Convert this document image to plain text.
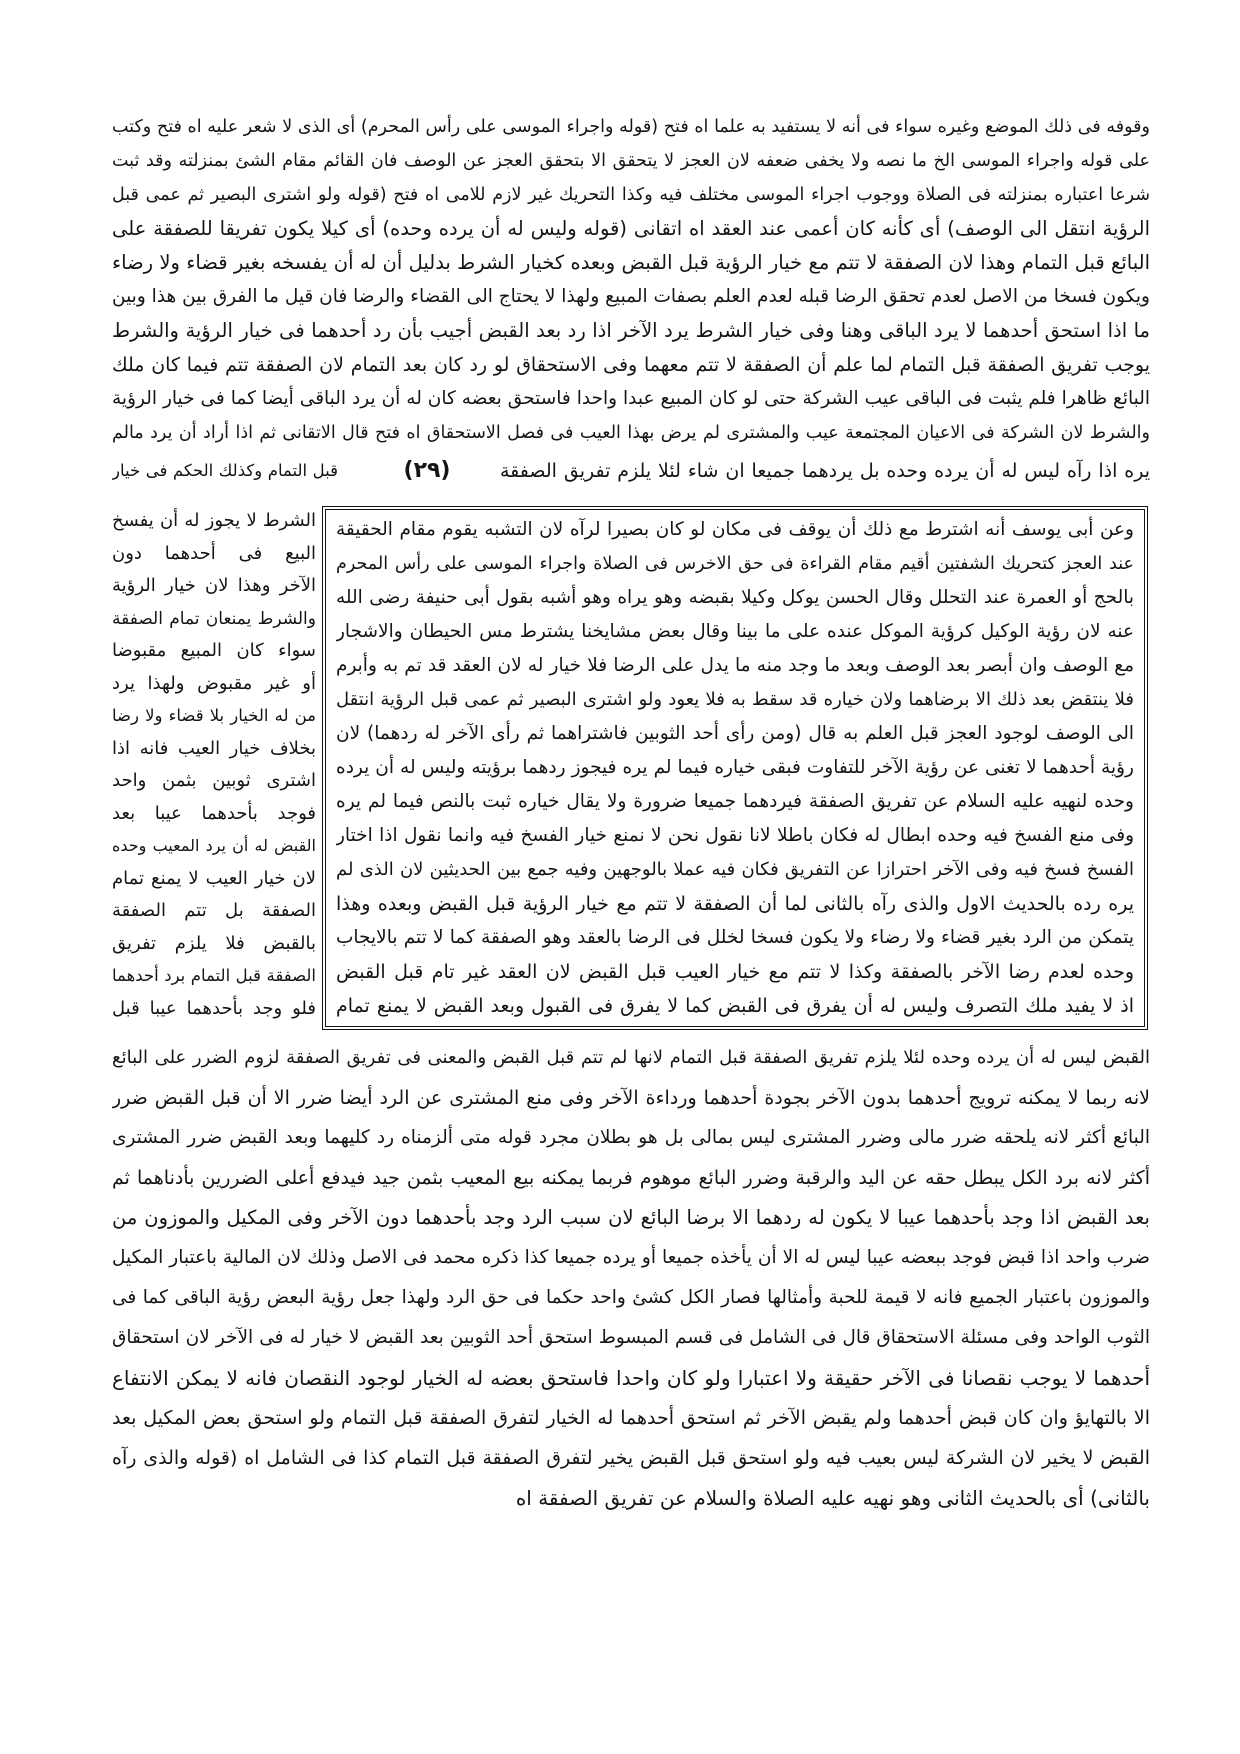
وقوفه فى ذلك الموضع وغيره سواء فى أنه لا يستفيد به علما اه فتح (قوله واجراء الموسى على رأس المحرم) أى الذى لا شعر عليه اه فتح وكتب
على قوله واجراء الموسى الخ ما نصه ولا يخفى ضعفه لان العجز لا يتحقق الا بتحقق العجز عن الوصف فان القائم مقام الشئ بمنزلته وقد ثبت
شرعا اعتباره بمنزلته فى الصلاة ووجوب اجراء الموسى مختلف فيه وكذا التحريك غير لازم للامى اه فتح (قوله ولو اشترى البصير ثم عمى قبل
الرؤية انتقل الى الوصف) أى كأنه كان أعمى عند العقد اه اتقانى (قوله وليس له أن يرده وحده) أى كيلا يكون تفريقا للصفقة على
البائع قبل التمام وهذا لان الصفقة لا تتم مع خيار الرؤية قبل القبض وبعده كخيار الشرط بدليل أن له أن يفسخه بغير قضاء ولا رضاء
ويكون فسخا من الاصل لعدم تحقق الرضا قبله لعدم العلم بصفات المبيع ولهذا لا يحتاج الى القضاء والرضا فان قيل ما الفرق بين هذا وبين
ما اذا استحق أحدهما لا يرد الباقى وهنا وفى خيار الشرط يرد الآخر اذا رد بعد القبض أجيب بأن رد أحدهما فى خيار الرؤية والشرط
يوجب تفريق الصفقة قبل التمام لما علم أن الصفقة لا تتم معهما وفى الاستحقاق لو رد كان بعد التمام لان الصفقة تتم فيما كان ملك
البائع ظاهرا فلم يثبت فى الباقى عيب الشركة حتى لو كان المبيع عبدا واحدا فاستحق بعضه كان له أن يرد الباقى أيضا كما فى خيار الرؤية
والشرط لان الشركة فى الاعيان المجتمعة عيب والمشترى لم يرض بهذا العيب فى فصل الاستحقاق اه فتح قال الاتقانى ثم اذا أراد أن يرد مالم
يره اذا رآه ليس له أن يرده وحده بل يردهما جميعا ان شاء لئلا يلزم تفريق الصفقة
(٢٩)
قبل التمام وكذلك الحكم فى خيار
وعن أبى يوسف أنه اشترط مع ذلك أن يوقف فى مكان لو كان بصيرا لرآه لان التشبه يقوم مقام الحقيقة
عند العجز كتحريك الشفتين أقيم مقام القراءة فى حق الاخرس فى الصلاة واجراء الموسى على رأس المحرم
بالحج أو العمرة عند التحلل وقال الحسن يوكل وكيلا بقبضه وهو يراه وهو أشبه بقول أبى حنيفة رضى الله
عنه لان رؤية الوكيل كرؤية الموكل عنده على ما بينا وقال بعض مشايخنا يشترط مس الحيطان والاشجار
مع الوصف وان أبصر بعد الوصف وبعد ما وجد منه ما يدل على الرضا فلا خيار له لان العقد قد تم به وأبرم
فلا ينتقض بعد ذلك الا برضاهما ولان خياره قد سقط به فلا يعود ولو اشترى البصير ثم عمى قبل الرؤية انتقل
الى الوصف لوجود العجز قبل العلم به قال (ومن رأى أحد الثوبين فاشتراهما ثم رأى الآخر له ردهما) لان
رؤية أحدهما لا تغنى عن رؤية الآخر للتفاوت فبقى خياره فيما لم يره فيجوز ردهما برؤيته وليس له أن يرده
وحده لنهيه عليه السلام عن تفريق الصفقة فيردهما جميعا ضرورة ولا يقال خياره ثبت بالنص فيما لم يره
وفى منع الفسخ فيه وحده ابطال له فكان باطلا لانا نقول نحن لا نمنع خيار الفسخ فيه وانما نقول اذا اختار
الفسخ فسخ فيه وفى الآخر احترازا عن التفريق فكان فيه عملا بالوجهين وفيه جمع بين الحديثين لان الذى لم
يره رده بالحديث الاول والذى رآه بالثانى لما أن الصفقة لا تتم مع خيار الرؤية قبل القبض وبعده وهذا
يتمكن من الرد بغير قضاء ولا رضاء ولا يكون فسخا لخلل فى الرضا بالعقد وهو الصفقة كما لا تتم بالايجاب
وحده لعدم رضا الآخر بالصفقة وكذا لا تتم مع خيار العيب قبل القبض لان العقد غير تام قبل القبض
اذ لا يفيد ملك التصرف وليس له أن يفرق فى القبض كما لا يفرق فى القبول وبعد القبض لا يمنع تمام
الشرط لا يجوز له أن يفسخ
البيع فى أحدهما دون
الآخر وهذا لان خيار الرؤية
والشرط يمنعان تمام الصفقة
سواء كان المبيع مقبوضا
أو غير مقبوض ولهذا يرد
من له الخيار بلا قضاء ولا رضا
بخلاف خيار العيب فانه اذا
اشترى ثوبين بثمن واحد
فوجد بأحدهما عيبا بعد
القبض له أن يرد المعيب وحده
لان خيار العيب لا يمنع تمام
الصفقة بل تتم الصفقة
بالقبض فلا يلزم تفريق
الصفقة قبل التمام برد أحدهما
فلو وجد بأحدهما عيبا قبل
القبض ليس له أن يرده وحده لئلا يلزم تفريق الصفقة قبل التمام لانها لم تتم قبل القبض والمعنى فى تفريق الصفقة لزوم الضرر على البائع
لانه ربما لا يمكنه ترويج أحدهما بدون الآخر بجودة أحدهما ورداءة الآخر وفى منع المشترى عن الرد أيضا ضرر الا أن قبل القبض ضرر
البائع أكثر لانه يلحقه ضرر مالى وضرر المشترى ليس بمالى بل هو بطلان مجرد قوله متى ألزمناه رد كليهما وبعد القبض ضرر المشترى
أكثر لانه برد الكل يبطل حقه عن اليد والرقبة وضرر البائع موهوم فربما يمكنه بيع المعيب بثمن جيد فيدفع أعلى الضررين بأدناهما ثم
بعد القبض اذا وجد بأحدهما عيبا لا يكون له ردهما الا برضا البائع لان سبب الرد وجد بأحدهما دون الآخر وفى المكيل والموزون من
ضرب واحد اذا قبض فوجد ببعضه عيبا ليس له الا أن يأخذه جميعا أو يرده جميعا كذا ذكره محمد فى الاصل وذلك لان المالية باعتبار المكيل
والموزون باعتبار الجميع فانه لا قيمة للحبة وأمثالها فصار الكل كشئ واحد حكما فى حق الرد ولهذا جعل رؤية البعض رؤية الباقى كما فى
الثوب الواحد وفى مسئلة الاستحقاق قال فى الشامل فى قسم المبسوط استحق أحد الثوبين بعد القبض لا خيار له فى الآخر لان استحقاق
أحدهما لا يوجب نقصانا فى الآخر حقيقة ولا اعتبارا ولو كان واحدا فاستحق بعضه له الخيار لوجود النقصان فانه لا يمكن الانتفاع
الا بالتهايؤ وان كان قبض أحدهما ولم يقبض الآخر ثم استحق أحدهما له الخيار لتفرق الصفقة قبل التمام ولو استحق بعض المكيل بعد
القبض لا يخير لان الشركة ليس بعيب فيه ولو استحق قبل القبض يخير لتفرق الصفقة قبل التمام كذا فى الشامل اه (قوله والذى رآه
بالثانى) أى بالحديث الثانى وهو نهيه عليه الصلاة والسلام عن تفريق الصفقة اه
